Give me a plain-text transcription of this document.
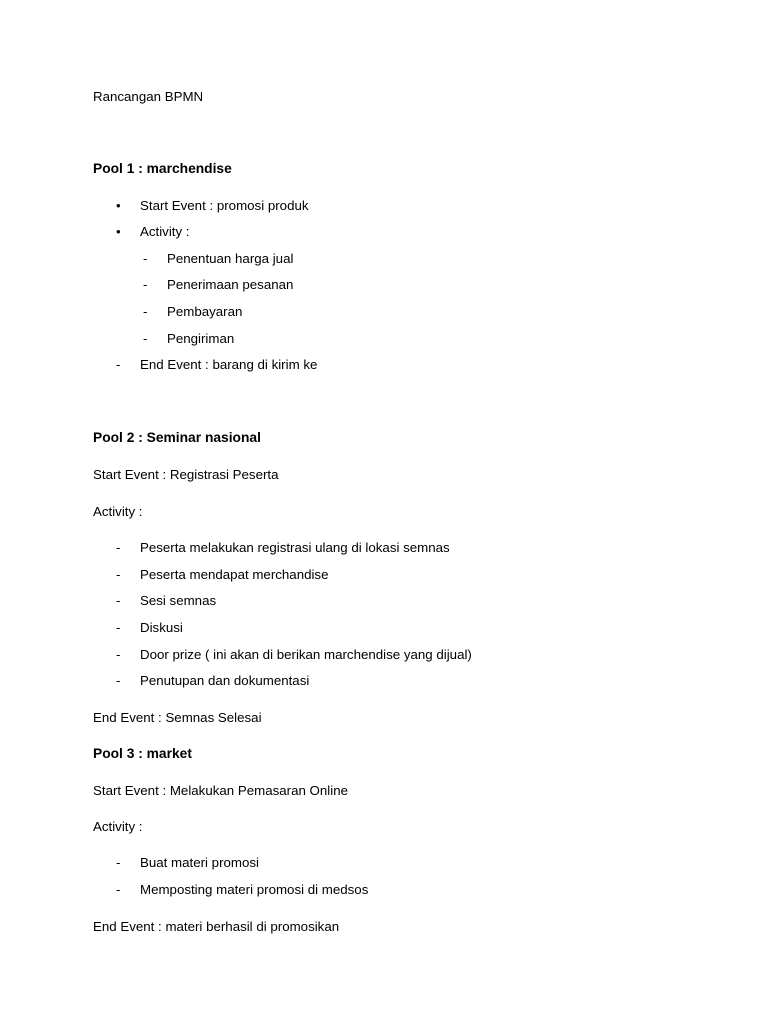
Rancangan BPMN
Pool 1 : marchendise
• Start Event : promosi produk
• Activity :
- Penentuan harga jual
- Penerimaan pesanan
- Pembayaran
- Pengiriman
- End Event : barang di kirim ke
Pool 2 : Seminar nasional
Start Event : Registrasi Peserta
Activity :
- Peserta melakukan registrasi ulang di lokasi semnas
- Peserta mendapat merchandise
- Sesi semnas
- Diskusi
- Door prize ( ini akan di berikan marchendise yang dijual)
- Penutupan dan dokumentasi
End Event : Semnas Selesai
Pool 3 : market
Start Event : Melakukan Pemasaran Online
Activity :
- Buat materi promosi
- Memposting materi promosi di medsos
End Event : materi berhasil di promosikan
